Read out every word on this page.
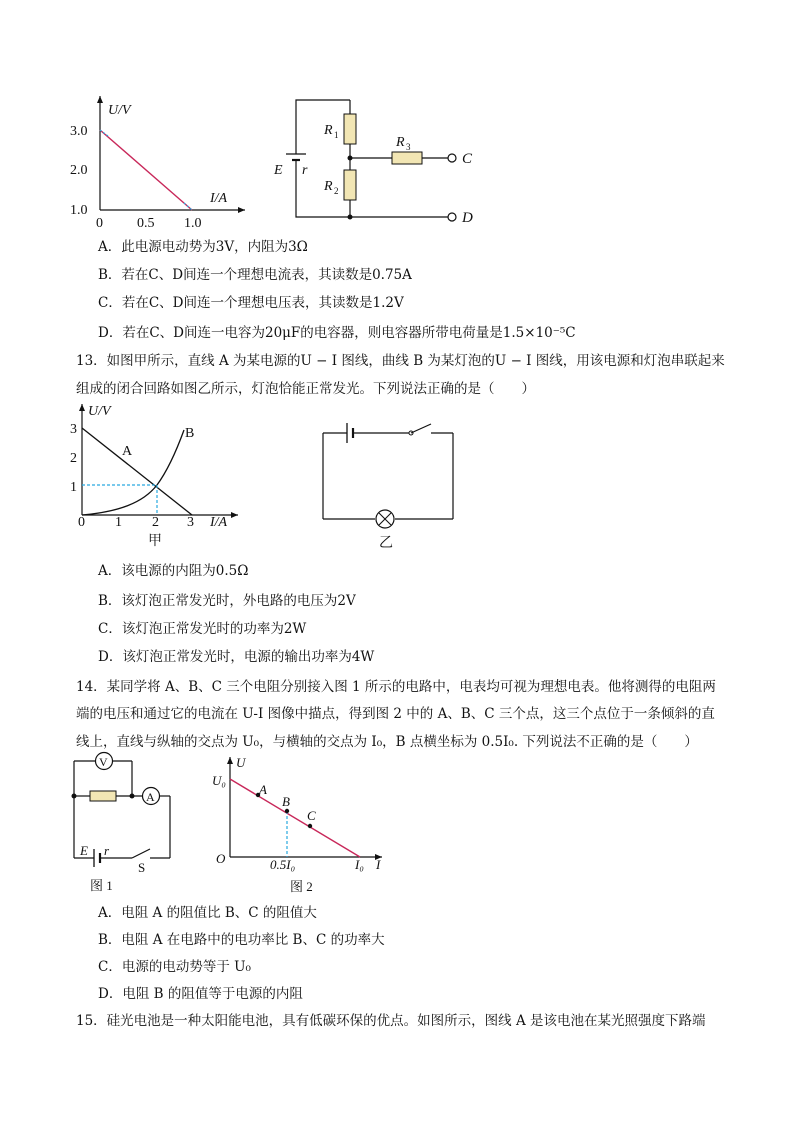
U/V
I/A
3.0
2.0
1.0
0 0.5 1.0
E r
R 1
R 2
R 3
C
D
A．此电源电动势为3V，内阻为3Ω
B．若在C、D间连一个理想电流表，其读数是0.75A
C．若在C、D间连一个理想电压表，其读数是1.2V
D．若在C、D间连一电容为20μF的电容器，则电容器所带电荷量是1.5×10⁻⁵C
13．如图甲所示，直线 A 为某电源的U − I 图线，曲线 B 为某灯泡的U − I 图线，用该电源和灯泡串联起来
组成的闭合回路如图乙所示，灯泡恰能正常发光。下列说法正确的是（　　）
U/V
I/A
3
2
1
0 1 2 3
A
B
甲	乙
A．该电源的内阻为0.5Ω
B．该灯泡正常发光时，外电路的电压为2V
C．该灯泡正常发光时的功率为2W
D．该灯泡正常发光时，电源的输出功率为4W
14．某同学将 A、B、C 三个电阻分别接入图 1 所示的电路中，电表均可视为理想电表。他将测得的电阻两
端的电压和通过它的电流在 U-I 图像中描点，得到图 2 中的 A、B、C 三个点，这三个点位于一条倾斜的直
线上，直线与纵轴的交点为 U₀，与横轴的交点为 I₀，B 点横坐标为 0.5I₀. 下列说法不正确的是（　　）
V
A
E r
S
图 1
A
B
C
U
U₀
O	0.5I₀	I₀ I
图 2
A．电阻 A 的阻值比 B、C 的阻值大
B．电阻 A 在电路中的电功率比 B、C 的功率大
C．电源的电动势等于 U₀
D．电阻 B 的阻值等于电源的内阻
15．硅光电池是一种太阳能电池，具有低碳环保的优点。如图所示，图线 A 是该电池在某光照强度下路端
